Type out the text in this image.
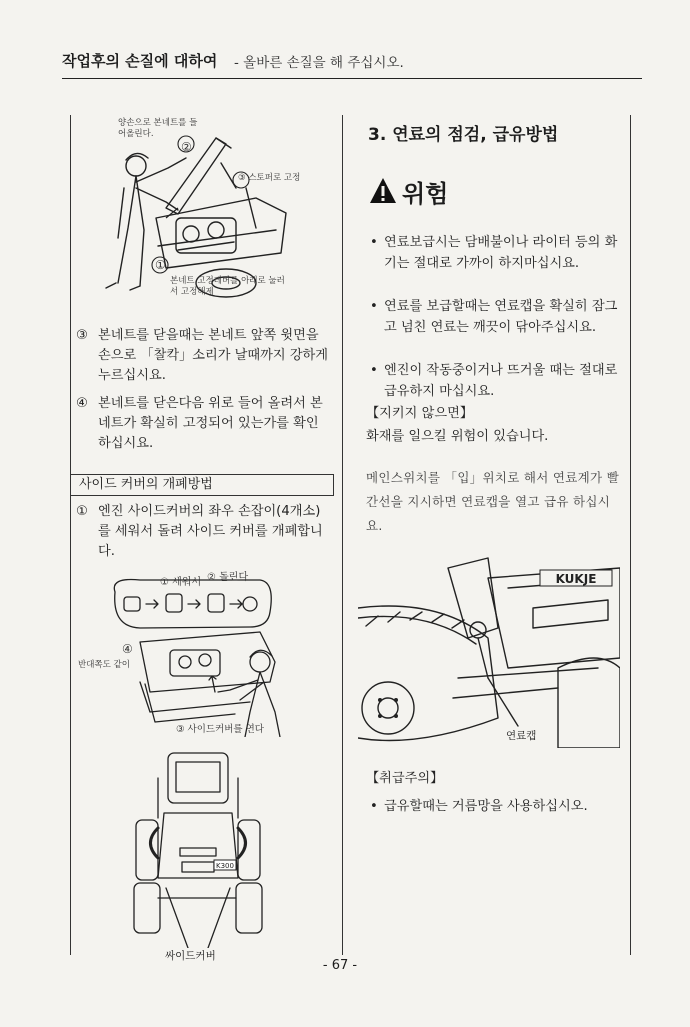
작업후의 손질에 대하여 - 올바른 손질을 해 주십시오.
양손으로 본네트를 들어올린다.
②
③ 스토퍼로 고정
①
본네트 고정레버를 아래로 눌러서 고정해제
③ 본네트를 닫을때는 본네트 앞쪽 윗면을 손으로 「찰칵」소리가 날때까지 강하게 누르십시요.
④ 본네트를 닫은다음 위로 들어 올려서 본네트가 확실히 고정되어 있는가를 확인하십시요.
사이드 커버의 개폐방법
① 엔진 사이드커버의 좌우 손잡이(4개소)를 세워서 돌려 사이드 커버를 개폐합니다.
① 세워서 ② 돌린다
④
반대쪽도 같이
③ 사이드커버를 연다
K300
싸이드커버
3. 연료의 점검, 급유방법
위험
• 연료보급시는 담배불이나 라이터 등의 화기는 절대로 가까이 하지마십시요.
• 연료를 보급할때는 연료캡을 확실히 잠그고 넘친 연료는 깨끗이 닦아주십시요.
• 엔진이 작동중이거나 뜨거울 때는 절대로 급유하지 마십시요.
【지키지 않으면】
화재를 일으킬 위험이 있습니다.
메인스위치를 「입」위치로 해서 연료계가 빨간선을 지시하면 연료캡을 열고 급유 하십시요.
KUKJE
연료캡
【취급주의】
• 급유할때는 거름망을 사용하십시오.
- 67 -
